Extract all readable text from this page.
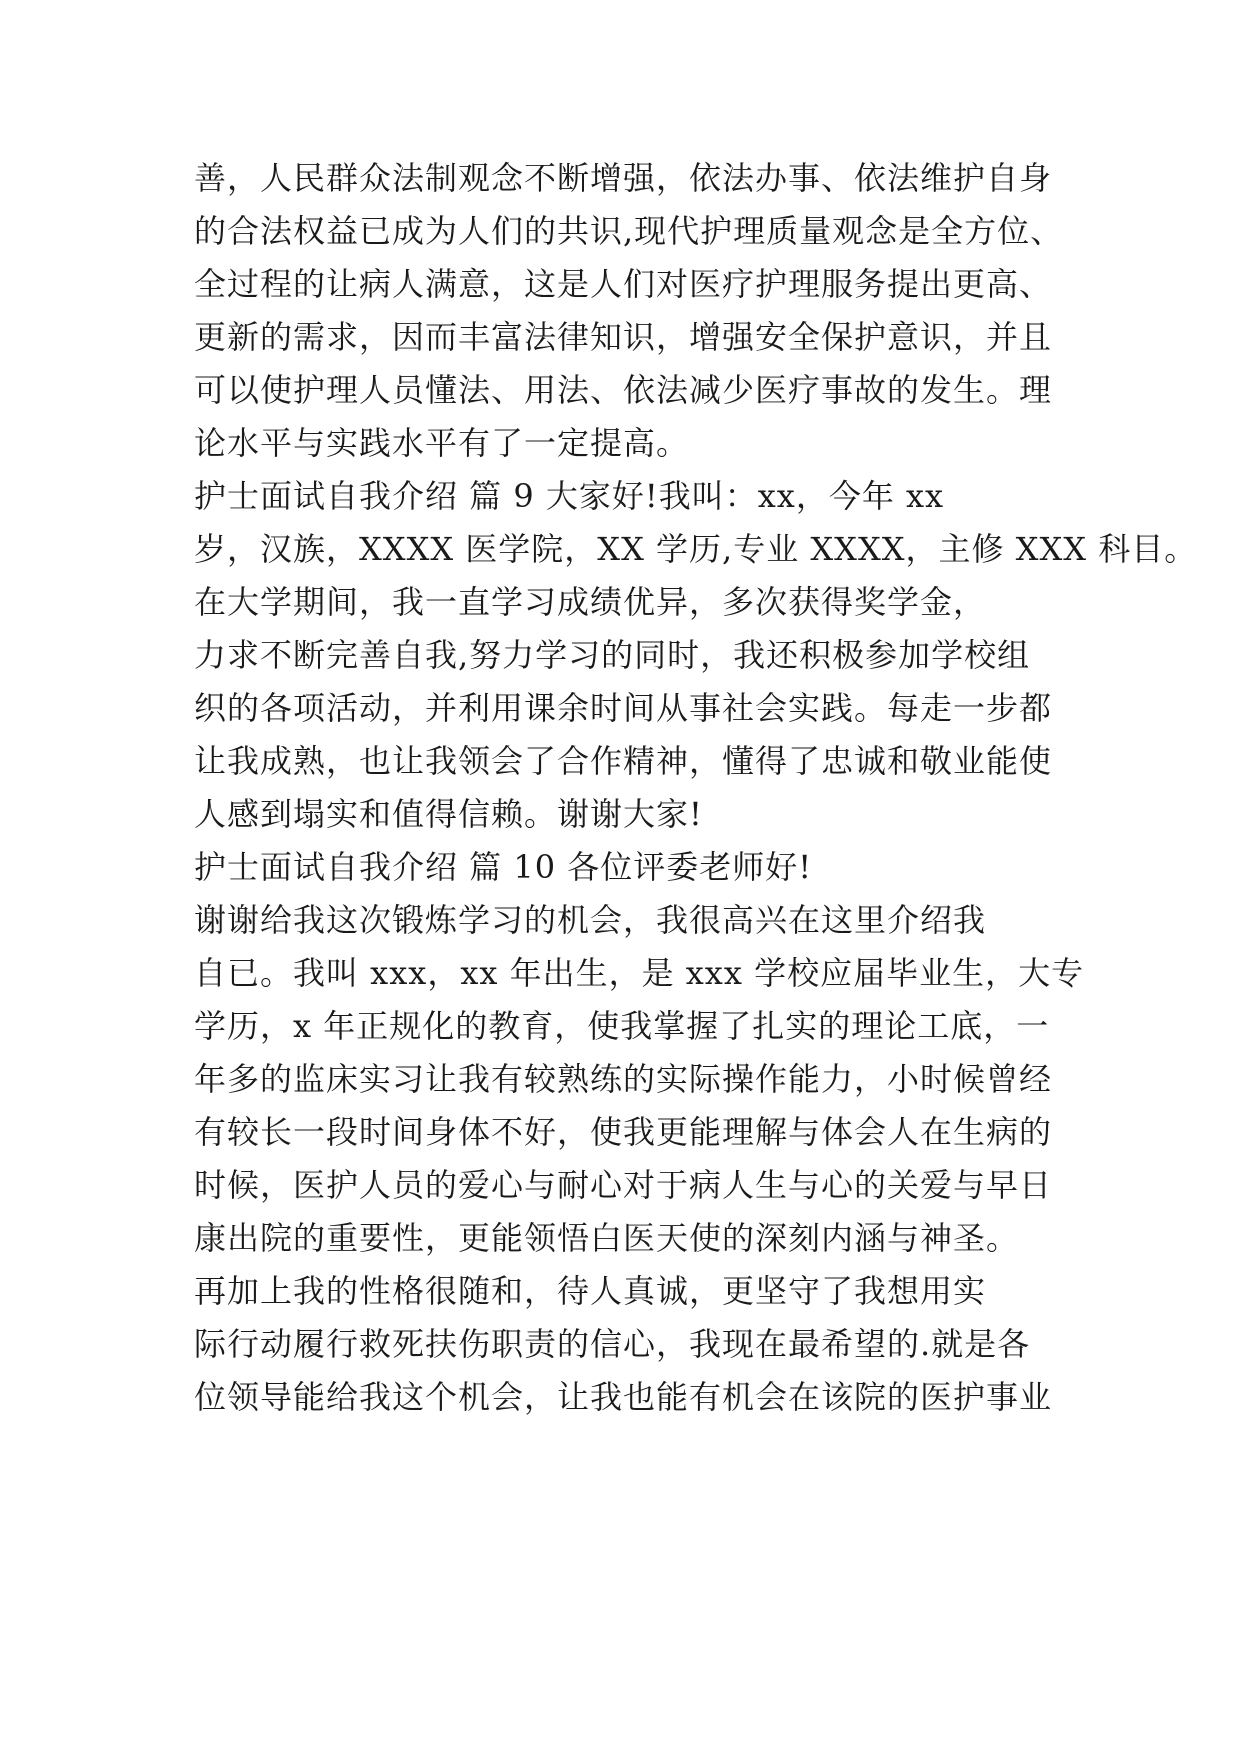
善，人民群众法制观念不断增强，依法办事、依法维护自身
的合法权益已成为人们的共识,现代护理质量观念是全方位、
全过程的让病人满意，这是人们对医疗护理服务提出更高、
更新的需求，因而丰富法律知识，增强安全保护意识，并且
可以使护理人员懂法、用法、依法减少医疗事故的发生。理
论水平与实践水平有了一定提高。
护士面试自我介绍 篇 9 大家好!我叫：xx，今年 xx
岁，汉族，XXXX 医学院，XX 学历,专业 XXXX，主修 XXX 科目。
在大学期间，我一直学习成绩优异，多次获得奖学金，
力求不断完善自我,努力学习的同时，我还积极参加学校组
织的各项活动，并利用课余时间从事社会实践。每走一步都
让我成熟，也让我领会了合作精神，懂得了忠诚和敬业能使
人感到塌实和值得信赖。谢谢大家!
护士面试自我介绍 篇 10 各位评委老师好!
谢谢给我这次锻炼学习的机会，我很高兴在这里介绍我
自已。我叫 xxx，xx 年出生，是 xxx 学校应届毕业生，大专
学历，x 年正规化的教育，使我掌握了扎实的理论工底，一
年多的监床实习让我有较熟练的实际操作能力，小时候曾经
有较长一段时间身体不好，使我更能理解与体会人在生病的
时候，医护人员的爱心与耐心对于病人生与心的关爱与早日
康出院的重要性，更能领悟白医天使的深刻内涵与神圣。
再加上我的性格很随和，待人真诚，更坚守了我想用实
际行动履行救死扶伤职责的信心，我现在最希望的.就是各
位领导能给我这个机会，让我也能有机会在该院的医护事业
